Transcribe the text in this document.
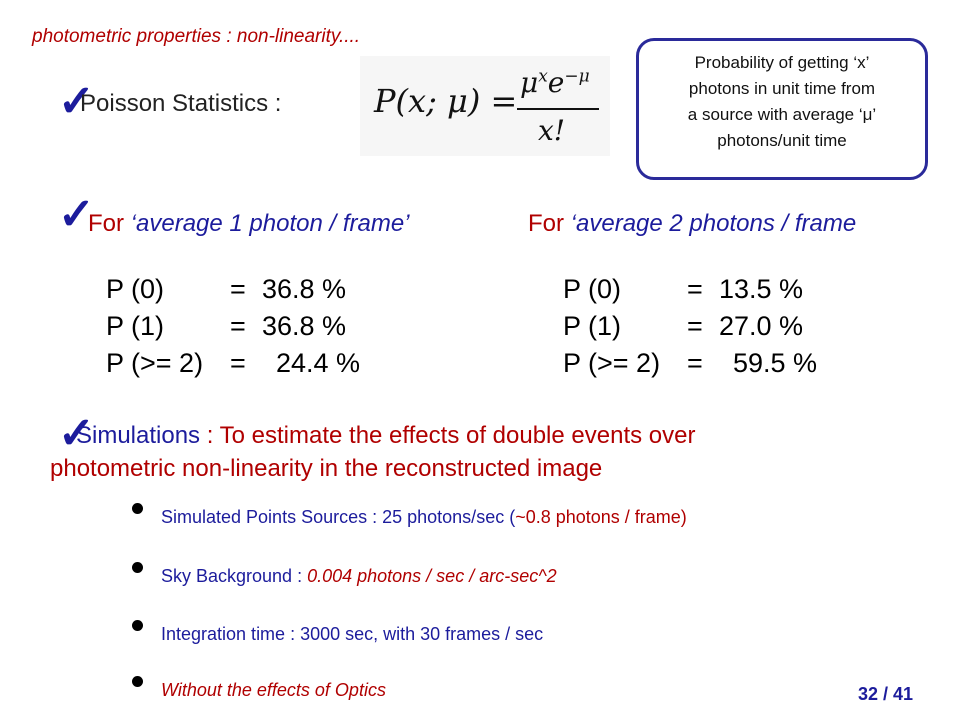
photometric properties : non-linearity....
✓
Poisson Statistics :	P(x; $\mu) = \mu^xe^{-\mu}$
x!
Probability of getting ‘x’
photons in unit time from
a source with average ‘μ’
photons/unit time
✓
For ‘average 1 photon / frame’	For ‘average 2 photons / frame
P (0) = 36.8 %
P (1) = 36.8 %
P (>= 2) = 24.4 %
P (0) = 13.5 %
P (1) = 27.0 %
P (>= 2) = 59.5 %
✓
Simulations : To estimate the effects of double events over
photometric non-linearity in the reconstructed image
Simulated Points Sources : 25 photons/sec (~0.8 photons / frame)
Sky Background : 0.004 photons / sec / arc-sec^2
Integration time : 3000 sec, with 30 frames / sec
Without the effects of Optics	32 / 41
